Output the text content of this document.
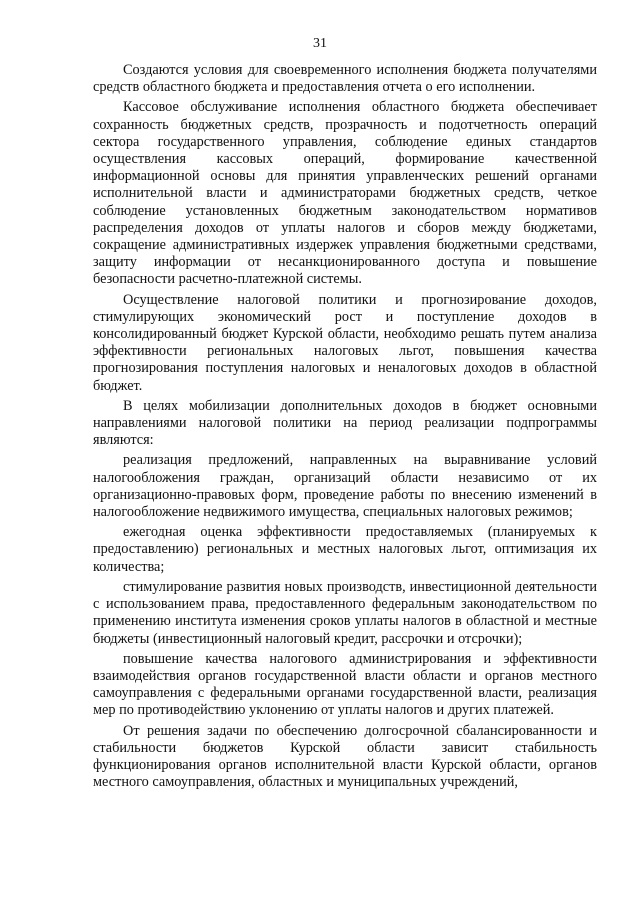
31

Создаются условия для своевременного исполнения бюджета получателями средств областного бюджета и предоставления отчета о его исполнении.

Кассовое обслуживание исполнения областного бюджета обеспечивает сохранность бюджетных средств, прозрачность и подотчетность операций сектора государственного управления, соблюдение единых стандартов осуществления кассовых операций, формирование качественной информационной основы для принятия управленческих решений органами исполнительной власти и администраторами бюджетных средств, четкое соблюдение установленных бюджетным законодательством нормативов распределения доходов от уплаты налогов и сборов между бюджетами, сокращение административных издержек управления бюджетными средствами, защиту информации от несанкционированного доступа и повышение безопасности расчетно-платежной системы.

Осуществление налоговой политики и прогнозирование доходов, стимулирующих экономический рост и поступление доходов в консолидированный бюджет Курской области, необходимо решать путем анализа эффективности региональных налоговых льгот, повышения качества прогнозирования поступления налоговых и неналоговых доходов в областной бюджет.

В целях мобилизации дополнительных доходов в бюджет основными направлениями налоговой политики на период реализации подпрограммы являются:

реализация предложений, направленных на выравнивание условий налогообложения граждан, организаций области независимо от их организационно-правовых форм, проведение работы по внесению изменений в налогообложение недвижимого имущества, специальных налоговых режимов;

ежегодная оценка эффективности предоставляемых (планируемых к предоставлению) региональных и местных налоговых льгот, оптимизация их количества;

стимулирование развития новых производств, инвестиционной деятельности с использованием права, предоставленного федеральным законодательством по применению института изменения сроков уплаты налогов в областной и местные бюджеты (инвестиционный налоговый кредит, рассрочки и отсрочки);

повышение качества налогового администрирования и эффективности взаимодействия органов государственной власти области и органов местного самоуправления с федеральными органами государственной власти, реализация мер по противодействию уклонению от уплаты налогов и других платежей.

От решения задачи по обеспечению долгосрочной сбалансированности и стабильности бюджетов Курской области зависит стабильность функционирования органов исполнительной власти Курской области, органов местного самоуправления, областных и муниципальных учреждений,
